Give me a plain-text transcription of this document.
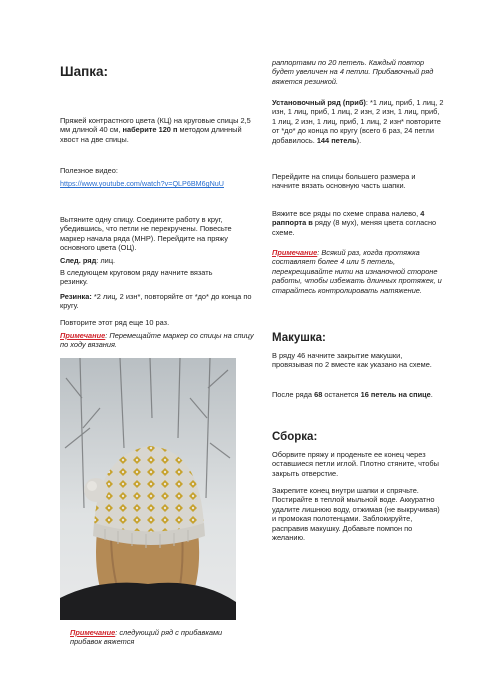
Шапка:

Пряжей контрастного цвета (КЦ) на круговые спицы 2,5 мм длиной 40 см, наберите 120 п методом длинный хвост на две спицы.

Полезное видео:

https://www.youtube.com/watch?v=QLP6BM6gNuU

Вытяните одну спицу. Соедините работу в круг, убедившись, что петли не перекручены. Повесьте маркер начала ряда (МНР). Перейдите на пряжу основного цвета (ОЦ).

След. ряд: лиц.

В следующем круговом ряду начните вязать резинку.

Резинка: *2 лиц, 2 изн*, повторяйте от *до* до конца по кругу.

Повторите этот ряд еще 10 раз.

Примечание: Перемещайте маркер со спицы на спицу по ходу вязания.

Примечание: следующий ряд с прибавками прибавок вяжется

раппортами по 20 петель. Каждый повтор будет увеличен на 4 петли. Прибавочный ряд вяжется резинкой.

Установочный ряд (приб): *1 лиц, приб, 1 лиц, 2 изн, 1 лиц, приб, 1 лиц, 2 изн, 2 изн, 1 лиц, приб, 1 лиц, 2 изн, 1 лиц, приб, 1 лиц, 2 изн* повторите от *до* до конца по кругу (всего 6 раз, 24 петли добавилось. 144 петель).

Перейдите на спицы большего размера и начните вязать основную часть шапки.

Вяжите все ряды по схеме справа налево, 4 раппорта в ряду (8 мух), меняя цвета согласно схеме.

Примечание: Всякий раз, когда протяжка составляет более 4 или 5 петель, перекрещивайте нити на изнаночной стороне работы, чтобы избежать длинных протяжек, и старайтесь контролировать натяжение.

Макушка:

В ряду 46 начните закрытие макушки, провязывая по 2 вместе как указано на схеме.

После ряда 68 останется 16 петель на спице.

Сборка:

Оборвите пряжу и проденьте ее конец через оставшиеся петли иглой. Плотно стяните, чтобы закрыть отверстие.

Закрепите конец внутри шапки и спрячьте. Постирайте в теплой мыльной воде. Аккуратно удалите лишнюю воду, отжимая (не выкручивая) и промокая полотенцами. Заблокируйте, расправив макушку. Добавьте помпон по желанию.
